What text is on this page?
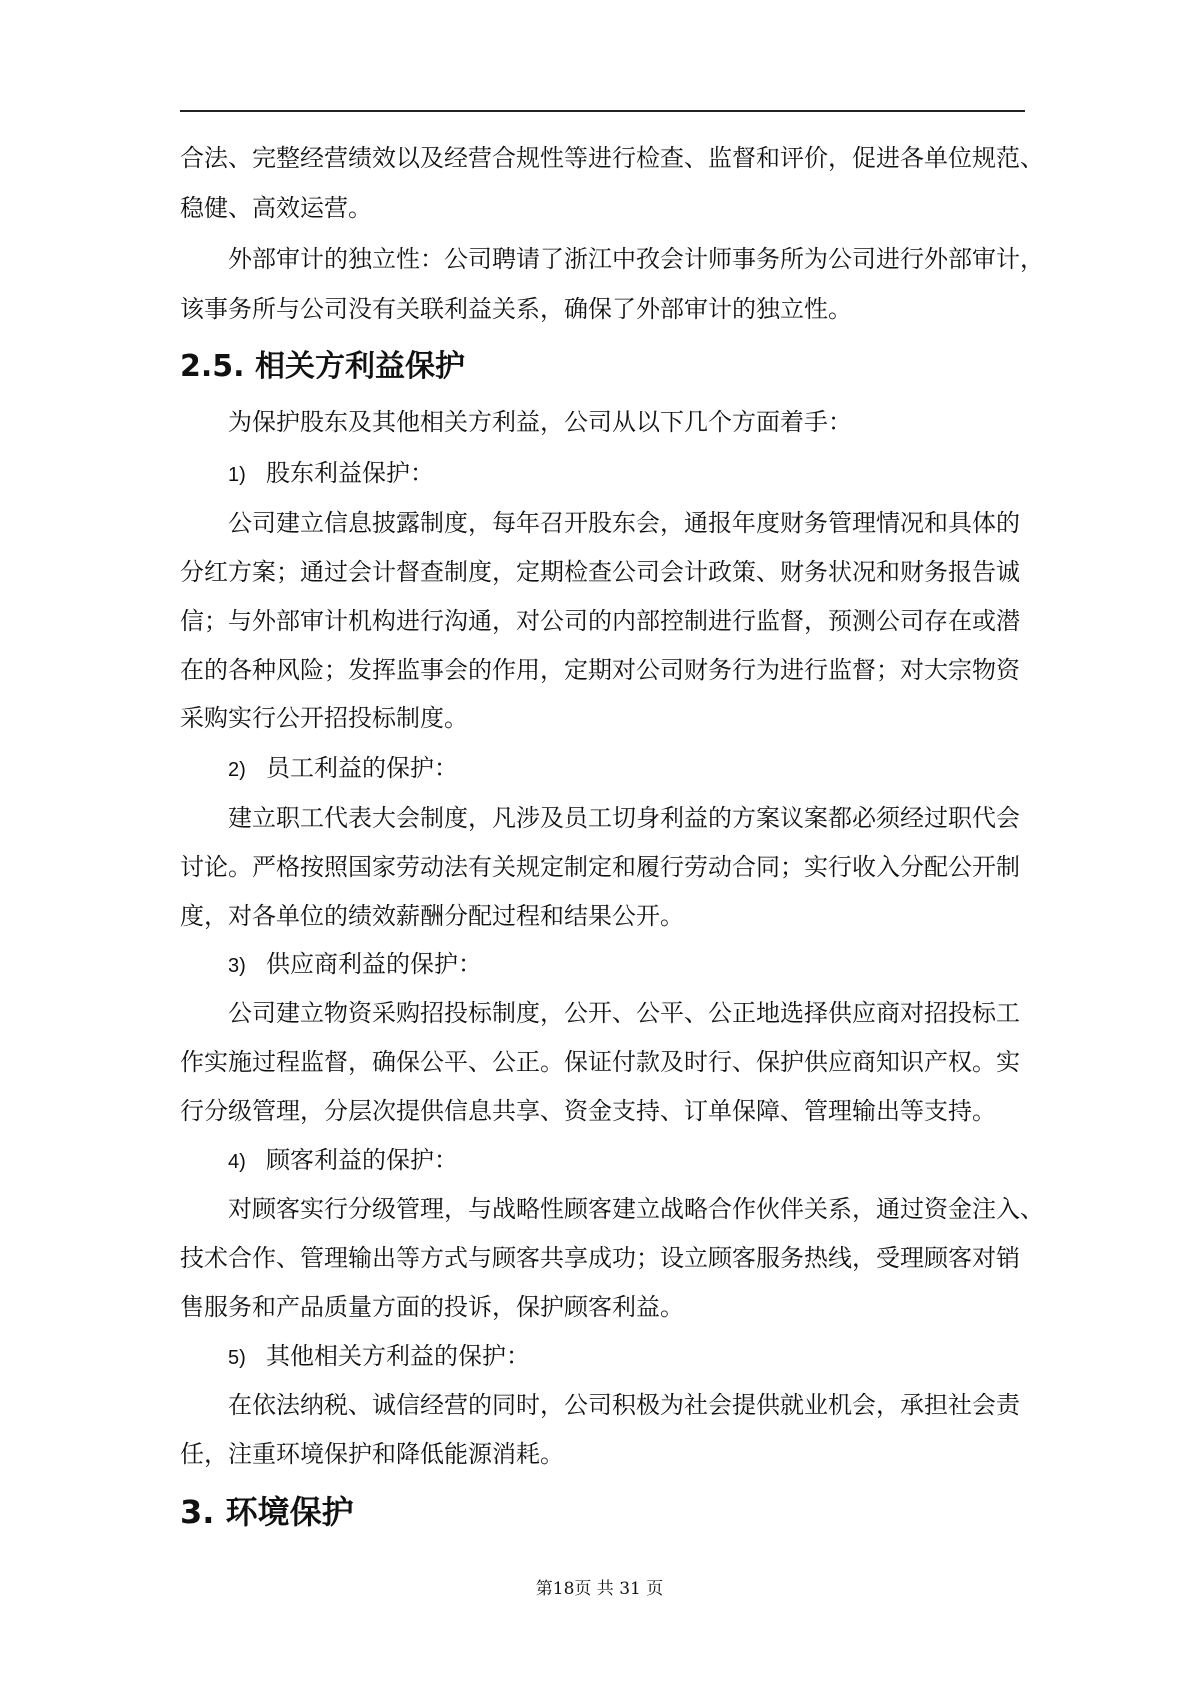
合法、完整经营绩效以及经营合规性等进行检查、监督和评价，促进各单位规范、
稳健、高效运营。
外部审计的独立性：公司聘请了浙江中孜会计师事务所为公司进行外部审计，
该事务所与公司没有关联利益关系，确保了外部审计的独立性。
2.5. 相关方利益保护
为保护股东及其他相关方利益，公司从以下几个方面着手：
1) 股东利益保护：
公司建立信息披露制度，每年召开股东会，通报年度财务管理情况和具体的
分红方案；通过会计督查制度，定期检查公司会计政策、财务状况和财务报告诚
信；与外部审计机构进行沟通，对公司的内部控制进行监督，预测公司存在或潜
在的各种风险；发挥监事会的作用，定期对公司财务行为进行监督；对大宗物资
采购实行公开招投标制度。
2) 员工利益的保护：
建立职工代表大会制度，凡涉及员工切身利益的方案议案都必须经过职代会
讨论。严格按照国家劳动法有关规定制定和履行劳动合同；实行收入分配公开制
度，对各单位的绩效薪酬分配过程和结果公开。
3) 供应商利益的保护：
公司建立物资采购招投标制度，公开、公平、公正地选择供应商对招投标工
作实施过程监督，确保公平、公正。保证付款及时行、保护供应商知识产权。实
行分级管理，分层次提供信息共享、资金支持、订单保障、管理输出等支持。
4) 顾客利益的保护：
对顾客实行分级管理，与战略性顾客建立战略合作伙伴关系，通过资金注入、
技术合作、管理输出等方式与顾客共享成功；设立顾客服务热线，受理顾客对销
售服务和产品质量方面的投诉，保护顾客利益。
5) 其他相关方利益的保护：
在依法纳税、诚信经营的同时，公司积极为社会提供就业机会，承担社会责
任，注重环境保护和降低能源消耗。
3. 环境保护
第18页 共 31 页
